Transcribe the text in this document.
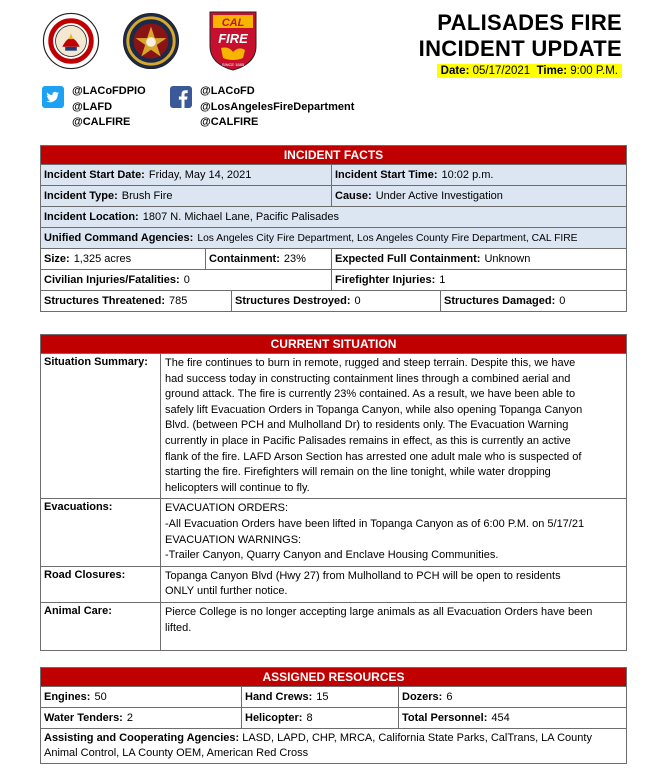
CAL
FIRE
SINCE 1885
PALISADES FIRE
INCIDENT UPDATE
Date: 05/17/2021 Time: 9:00 P.M.
@LACoFDPIO
@LAFD
@CALFIRE
@LACoFD
@LosAngelesFireDepartment
@CALFIRE
INCIDENT FACTS
Incident Start Date: Friday, May 14, 2021	Incident Start Time: 10:02 p.m.
Incident Type: Brush Fire	Cause: Under Active Investigation
Incident Location: 1807 N. Michael Lane, Pacific Palisades
Unified Command Agencies: Los Angeles City Fire Department, Los Angeles County Fire Department, CAL FIRE
Size: 1,325 acres	Containment: 23%	Expected Full Containment: Unknown
Civilian Injuries/Fatalities: 0	Firefighter Injuries: 1
Structures Threatened: 785	Structures Destroyed: 0	Structures Damaged: 0
CURRENT SITUATION
Situation Summary:	The fire continues to burn in remote, rugged and steep terrain. Despite this, we have
had success today in constructing containment lines through a combined aerial and
ground attack. The fire is currently 23% contained. As a result, we have been able to
safely lift Evacuation Orders in Topanga Canyon, while also opening Topanga Canyon
Blvd. (between PCH and Mulholland Dr) to residents only. The Evacuation Warning
currently in place in Pacific Palisades remains in effect, as this is currently an active
flank of the fire. LAFD Arson Section has arrested one adult male who is suspected of
starting the fire. Firefighters will remain on the line tonight, while water dropping
helicopters will continue to fly.
Evacuations:	EVACUATION ORDERS:
-All Evacuation Orders have been lifted in Topanga Canyon as of 6:00 P.M. on 5/17/21
EVACUATION WARNINGS:
-Trailer Canyon, Quarry Canyon and Enclave Housing Communities.
Road Closures:	Topanga Canyon Blvd (Hwy 27) from Mulholland to PCH will be open to residents
ONLY until further notice.
Animal Care:	Pierce College is no longer accepting large animals as all Evacuation Orders have been
lifted.
ASSIGNED RESOURCES
Engines: 50	Hand Crews: 15	Dozers: 6
Water Tenders: 2	Helicopter: 8	Total Personnel: 454
Assisting and Cooperating Agencies: LASD, LAPD, CHP, MRCA, California State Parks, CalTrans, LA County
Animal Control, LA County OEM, American Red Cross
